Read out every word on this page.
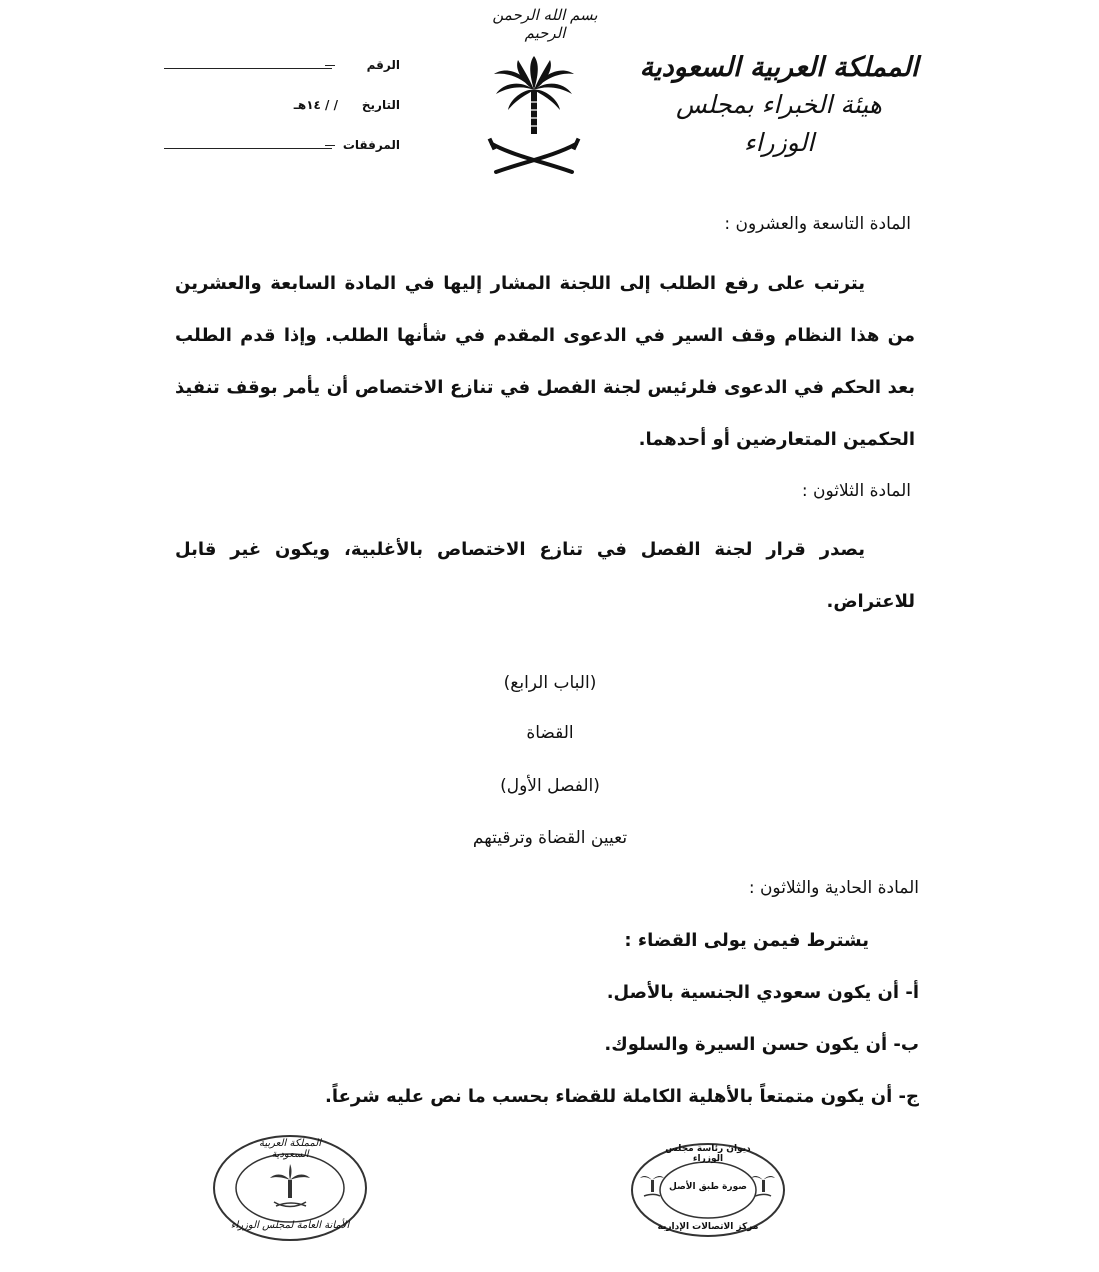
بسم الله الرحمن الرحيم
المملكة العربية السعودية
هيئة الخبراء بمجلس الوزراء
الرقم
/ / ١٤هـ التاريخ
المرفقات
المادة التاسعة والعشرون :
يترتب على رفع الطلب إلى اللجنة المشار إليها في المادة السابعة والعشرين من هذا النظام وقف السير في الدعوى المقدم في شأنها الطلب. وإذا قدم الطلب بعد الحكم في الدعوى فلرئيس لجنة الفصل في تنازع الاختصاص أن يأمر بوقف تنفيذ الحكمين المتعارضين أو أحدهما.
المادة الثلاثون :
يصدر قرار لجنة الفصل في تنازع الاختصاص بالأغلبية، ويكون غير قابل للاعتراض.
(الباب الرابع)
القضاة
(الفصل الأول)
تعيين القضاة وترقيتهم
المادة الحادية والثلاثون :
يشترط فيمن يولى القضاء :
أ- أن يكون سعودي الجنسية بالأصل.
ب- أن يكون حسن السيرة والسلوك.
ج- أن يكون متمتعاً بالأهلية الكاملة للقضاء بحسب ما نص عليه شرعاً.
المملكة العربية السعودية
الأمانة العامة لمجلس الوزراء
ديوان رئاسة مجلس الوزراء
صورة طبق الأصل
مركز الاتصالات الإدارية
